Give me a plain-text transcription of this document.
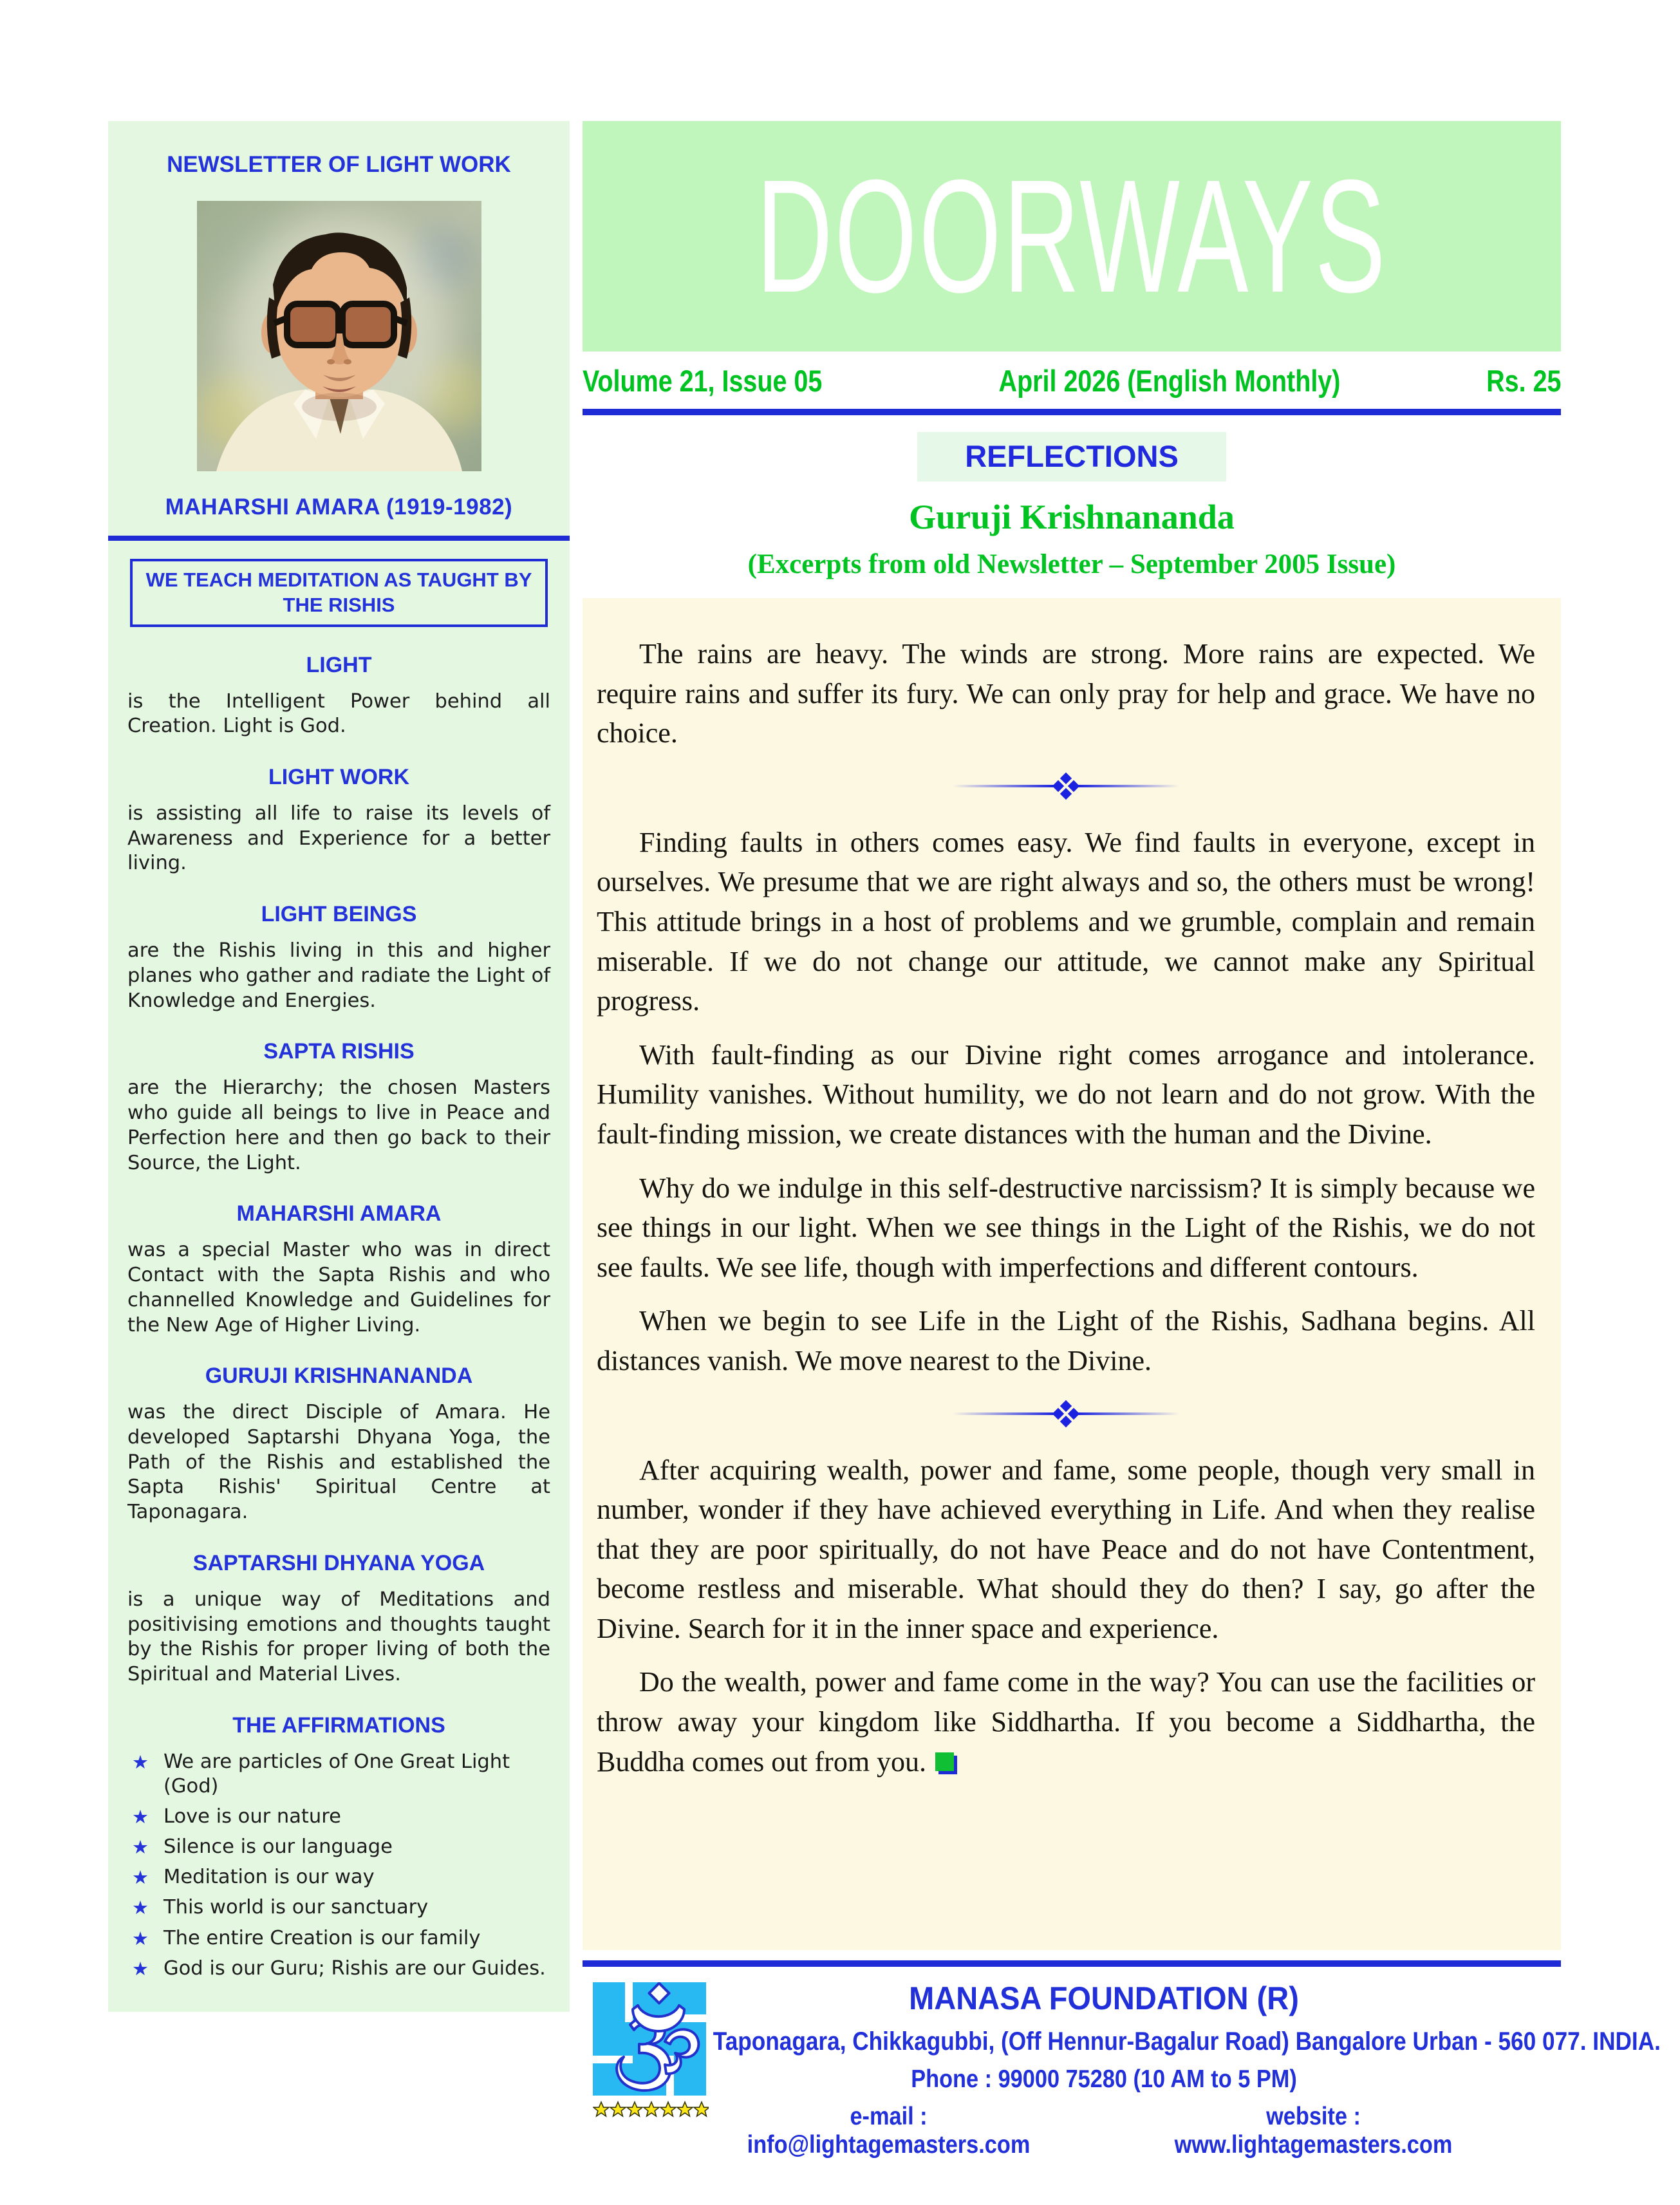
NEWSLETTER OF LIGHT WORK
MAHARSHI AMARA (1919-1982)
WE TEACH MEDITATION AS TAUGHT BY THE RISHIS
LIGHT

is the Intelligent Power behind all Creation. Light is God.

LIGHT WORK

is assisting all life to raise its levels of Awareness and Experience for a better living.

LIGHT BEINGS

are the Rishis living in this and higher planes who gather and radiate the Light of Knowledge and Energies.

SAPTA RISHIS

are the Hierarchy; the chosen Masters who guide all beings to live in Peace and Perfection here and then go back to their Source, the Light.

MAHARSHI AMARA

was a special Master who was in direct Contact with the Sapta Rishis and who channelled Knowledge and Guidelines for the New Age of Higher Living.

GURUJI KRISHNANANDA

was the direct Disciple of Amara. He developed Saptarshi Dhyana Yoga, the Path of the Rishis and established the Sapta Rishis' Spiritual Centre at Taponagara.

SAPTARSHI DHYANA YOGA

is a unique way of Meditations and positivising emotions and thoughts taught by the Rishis for proper living of both the Spiritual and Material Lives.

THE AFFIRMATIONS
★ We are particles of One Great Light (God)
★ Love is our nature
★ Silence is our language
★ Meditation is our way
★ This world is our sanctuary
★ The entire Creation is our family
★ God is our Guru; Rishis are our Guides.
DOORWAYS
Volume 21, Issue 05	April 2026 (English Monthly)	Rs. 25
REFLECTIONS
Guruji Krishnananda
(Excerpts from old Newsletter – September 2005 Issue)

The rains are heavy. The winds are strong. More rains are expected. We require rains and suffer its fury. We can only pray for help and grace. We have no choice.

Finding faults in others comes easy. We find faults in everyone, except in ourselves. We presume that we are right always and so, the others must be wrong! This attitude brings in a host of problems and we grumble, complain and remain miserable. If we do not change our attitude, we cannot make any Spiritual progress.

With fault-finding as our Divine right comes arrogance and intolerance. Humility vanishes. Without humility, we do not learn and do not grow. With the fault-finding mission, we create distances with the human and the Divine.

Why do we indulge in this self-destructive narcissism? It is simply because we see things in our light. When we see things in the Light of the Rishis, we do not see faults. We see life, though with imperfections and different contours.

When we begin to see Life in the Light of the Rishis, Sadhana begins. All distances vanish. We move nearest to the Divine.

After acquiring wealth, power and fame, some people, though very small in number, wonder if they have achieved everything in Life. And when they realise that they are poor spiritually, do not have Peace and do not have Contentment, become restless and miserable. What should they do then? I say, go after the Divine. Search for it in the inner space and experience.

Do the wealth, power and fame come in the way? You can use the facilities or throw away your kingdom like Siddhartha. If you become a Siddhartha, the Buddha comes out from you.

MANASA FOUNDATION (R)
Taponagara, Chikkagubbi, (Off Hennur-Bagalur Road) Bangalore Urban - 560 077. INDIA.
Phone : 99000 75280 (10 AM to 5 PM)
e-mail : info@lightagemasters.com
website : www.lightagemasters.com
